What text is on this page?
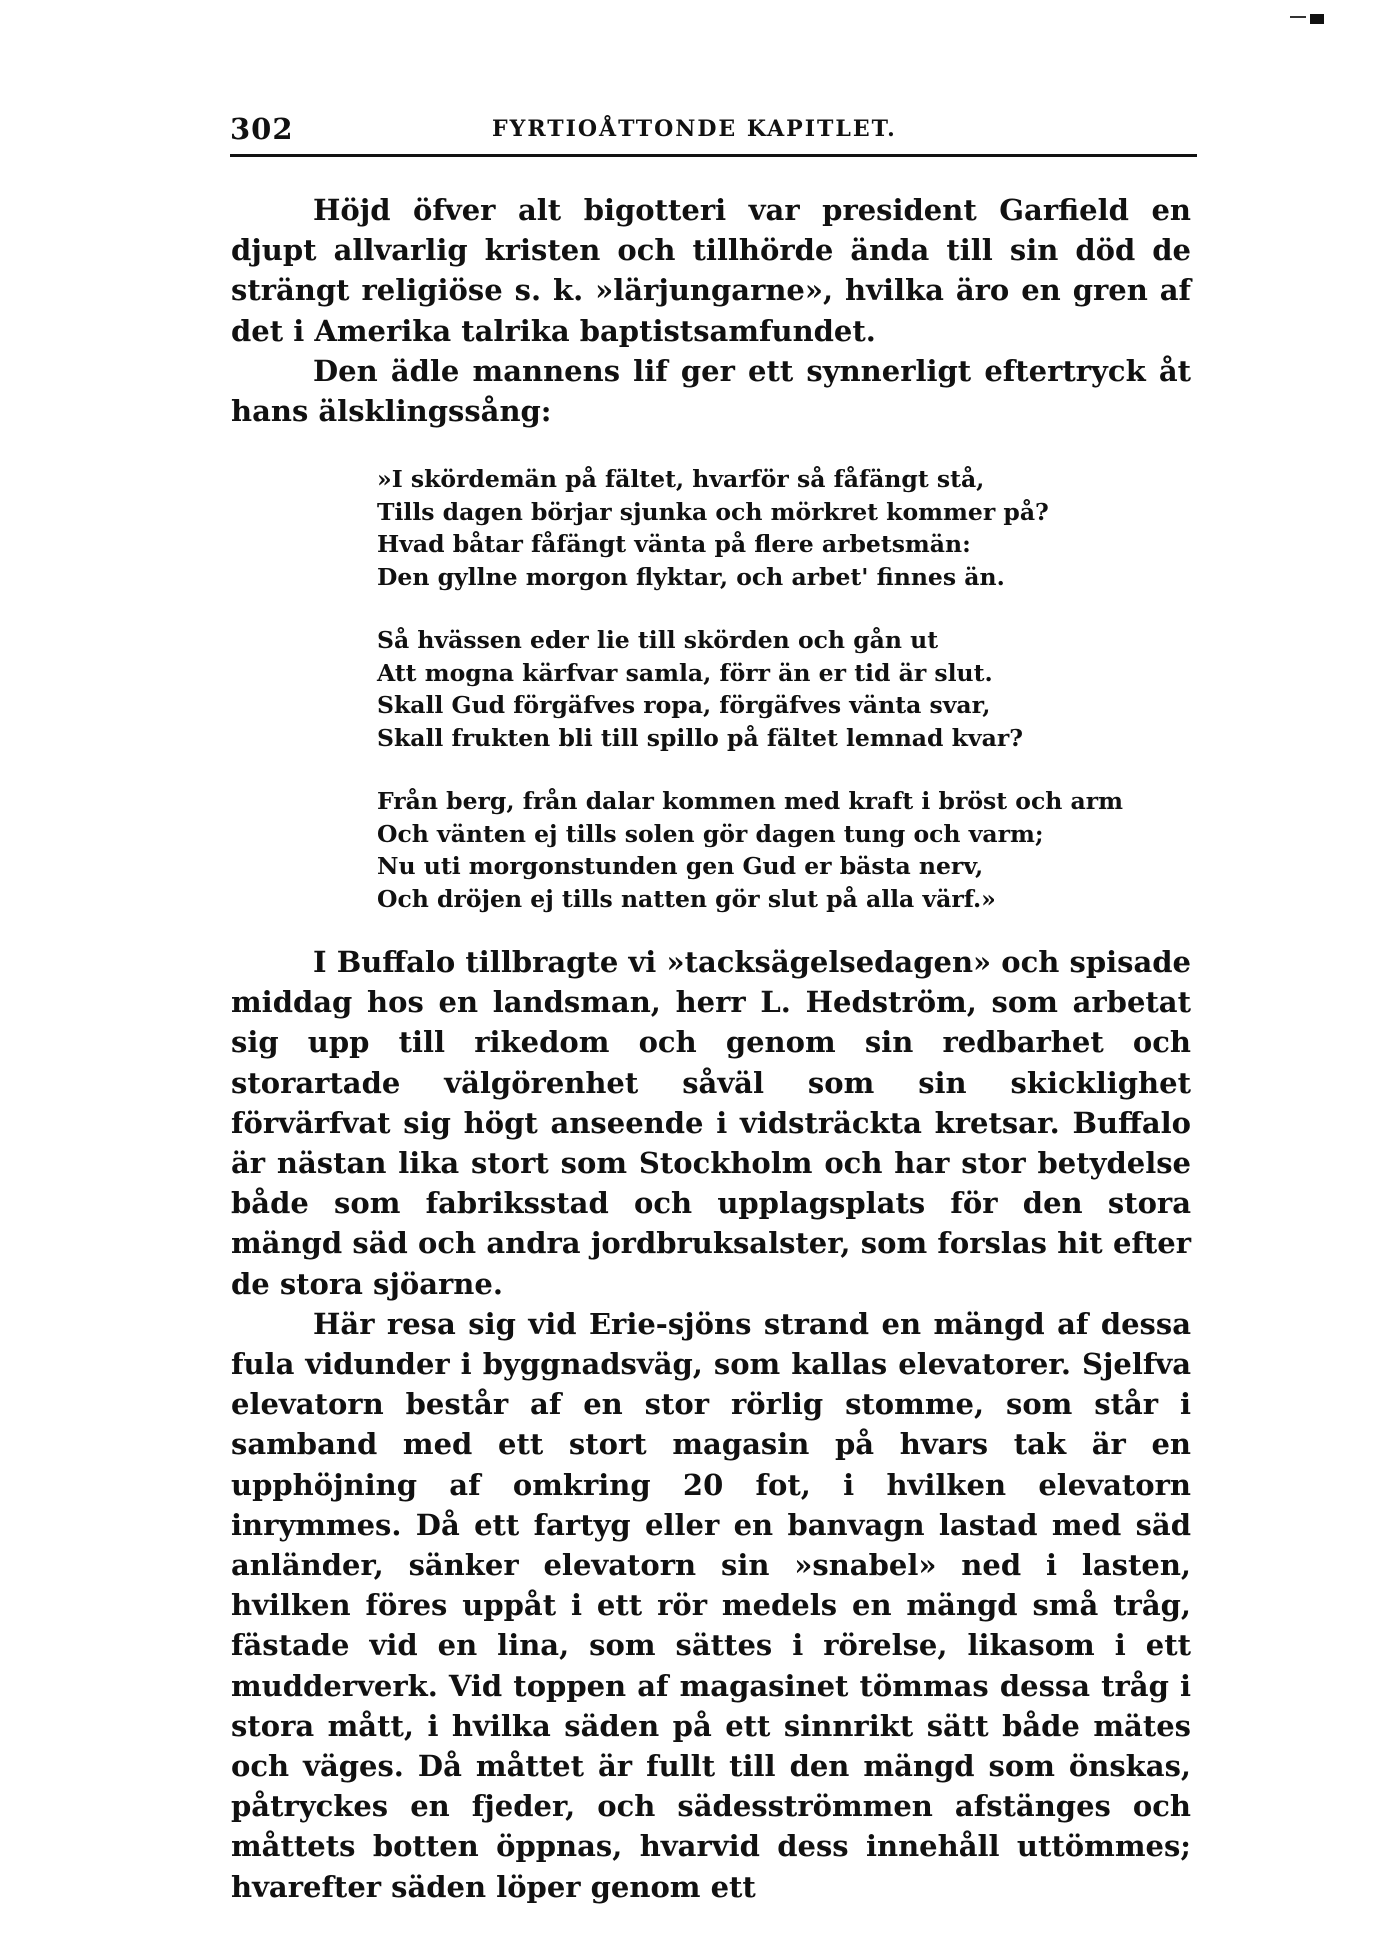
302	FYRTIOÅTTONDE KAPITLET.

Höjd öfver alt bigotteri var president Garfield en djupt allvarlig kristen och tillhörde ända till sin död de strängt religiöse s. k. »lärjungarne», hvilka äro en gren af det i Amerika talrika baptistsamfundet.

Den ädle mannens lif ger ett synnerligt eftertryck åt hans älsklingssång:

»I skördemän på fältet, hvarför så fåfängt stå,
Tills dagen börjar sjunka och mörkret kommer på?
Hvad båtar fåfängt vänta på flere arbetsmän:
Den gyllne morgon flyktar, och arbet' finnes än.
Så hvässen eder lie till skörden och gån ut
Att mogna kärfvar samla, förr än er tid är slut.
Skall Gud förgäfves ropa, förgäfves vänta svar,
Skall frukten bli till spillo på fältet lemnad kvar?
Från berg, från dalar kommen med kraft i bröst och arm
Och vänten ej tills solen gör dagen tung och varm;
Nu uti morgonstunden gen Gud er bästa nerv,
Och dröjen ej tills natten gör slut på alla värf.»

I Buffalo tillbragte vi »tacksägelsedagen» och spisade middag hos en landsman, herr L. Hedström, som arbetat sig upp till rikedom och genom sin redbarhet och storartade välgörenhet såväl som sin skicklighet förvärfvat sig högt anseende i vidsträckta kretsar. Buffalo är nästan lika stort som Stockholm och har stor betydelse både som fabriksstad och upplagsplats för den stora mängd säd och andra jordbruksalster, som forslas hit efter de stora sjöarne.

Här resa sig vid Erie-sjöns strand en mängd af dessa fula vidunder i byggnadsväg, som kallas elevatorer. Sjelfva elevatorn består af en stor rörlig stomme, som står i samband med ett stort magasin på hvars tak är en upphöjning af omkring 20 fot, i hvilken elevatorn inrymmes. Då ett fartyg eller en banvagn lastad med säd anländer, sänker elevatorn sin »snabel» ned i lasten, hvilken föres uppåt i ett rör medels en mängd små tråg, fästade vid en lina, som sättes i rörelse, likasom i ett mudderverk. Vid toppen af magasinet tömmas dessa tråg i stora mått, i hvilka säden på ett sinnrikt sätt både mätes och väges. Då måttet är fullt till den mängd som önskas, påtryckes en fjeder, och sädesströmmen afstänges och måttets botten öppnas, hvarvid dess innehåll uttömmes; hvarefter säden löper genom ett
